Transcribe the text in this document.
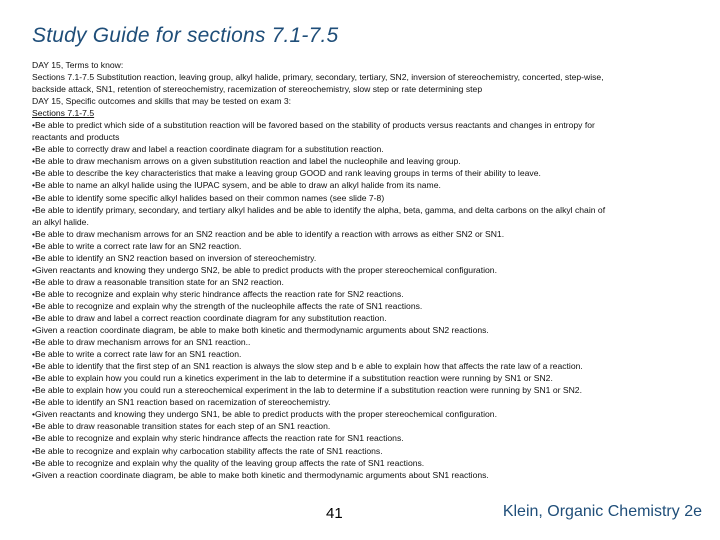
Study Guide for sections 7.1-7.5

DAY 15, Terms to know:

Sections 7.1-7.5 Substitution reaction, leaving group, alkyl halide, primary, secondary, tertiary, SN2, inversion of stereochemistry, concerted, step-wise,

backside attack, SN1, retention of stereochemistry, racemization of stereochemistry, slow step or rate determining step

DAY 15, Specific outcomes and skills that may be tested on exam 3:

Sections 7.1-7.5

•Be able to predict which side of a substitution reaction will be favored based on the stability of products versus reactants and changes in entropy for

reactants and products

•Be able to correctly draw and label a reaction coordinate diagram for a substitution reaction.

•Be able to draw mechanism arrows on a given substitution reaction and label the nucleophile and leaving group.

•Be able to describe the key characteristics that make a leaving group GOOD and rank leaving groups in terms of their ability to leave.

•Be able to name an alkyl halide using the IUPAC sysem, and be able to draw an alkyl halide from its name.

•Be able to identify some specific alkyl halides based on their common names (see slide 7-8)

•Be able to identify primary, secondary, and tertiary alkyl halides and be able to identify the alpha, beta, gamma, and delta carbons on the alkyl chain of

an alkyl halide.

•Be able to draw mechanism arrows for an SN2 reaction and be able to identify a reaction with arrows as either SN2 or SN1.

•Be able to write a correct rate law for an SN2 reaction.

•Be able to identify an SN2 reaction based on inversion of stereochemistry.

•Given reactants and knowing they undergo SN2, be able to predict products with the proper stereochemical configuration.

•Be able to draw a reasonable transition state for an SN2 reaction.

•Be able to recognize and explain why steric hindrance affects the reaction rate for SN2 reactions.

•Be able to recognize and explain why the strength of the nucleophile affects the rate of SN1 reactions.

•Be able to draw and label a correct reaction coordinate diagram for any substitution reaction.

•Given a reaction coordinate diagram, be able to make both kinetic and thermodynamic arguments about SN2 reactions.

•Be able to draw mechanism arrows for an SN1 reaction..

•Be able to write a correct rate law for an SN1 reaction.

•Be able to identify that the first step of an SN1 reaction is always the slow step and b e able to explain how that affects the rate law of a reaction.

•Be able to explain how you could run a kinetics experiment in the lab to determine if a substitution reaction were running by SN1 or SN2.

•Be able to explain how you could run a stereochemical experiment in the lab to determine if a substitution reaction were running by SN1 or SN2.

•Be able to identify an SN1 reaction based on racemization of stereochemistry.

•Given reactants and knowing they undergo SN1, be able to predict products with the proper stereochemical configuration.

•Be able to draw reasonable transition states for each step of an SN1 reaction.

•Be able to recognize and explain why steric hindrance affects the reaction rate for SN1 reactions.

•Be able to recognize and explain why carbocation stability affects the rate of SN1 reactions.

•Be able to recognize and explain why the quality of the leaving group affects the rate of SN1 reactions.

•Given a reaction coordinate diagram, be able to make both kinetic and thermodynamic arguments about SN1 reactions.

41	Klein, Organic Chemistry 2e
